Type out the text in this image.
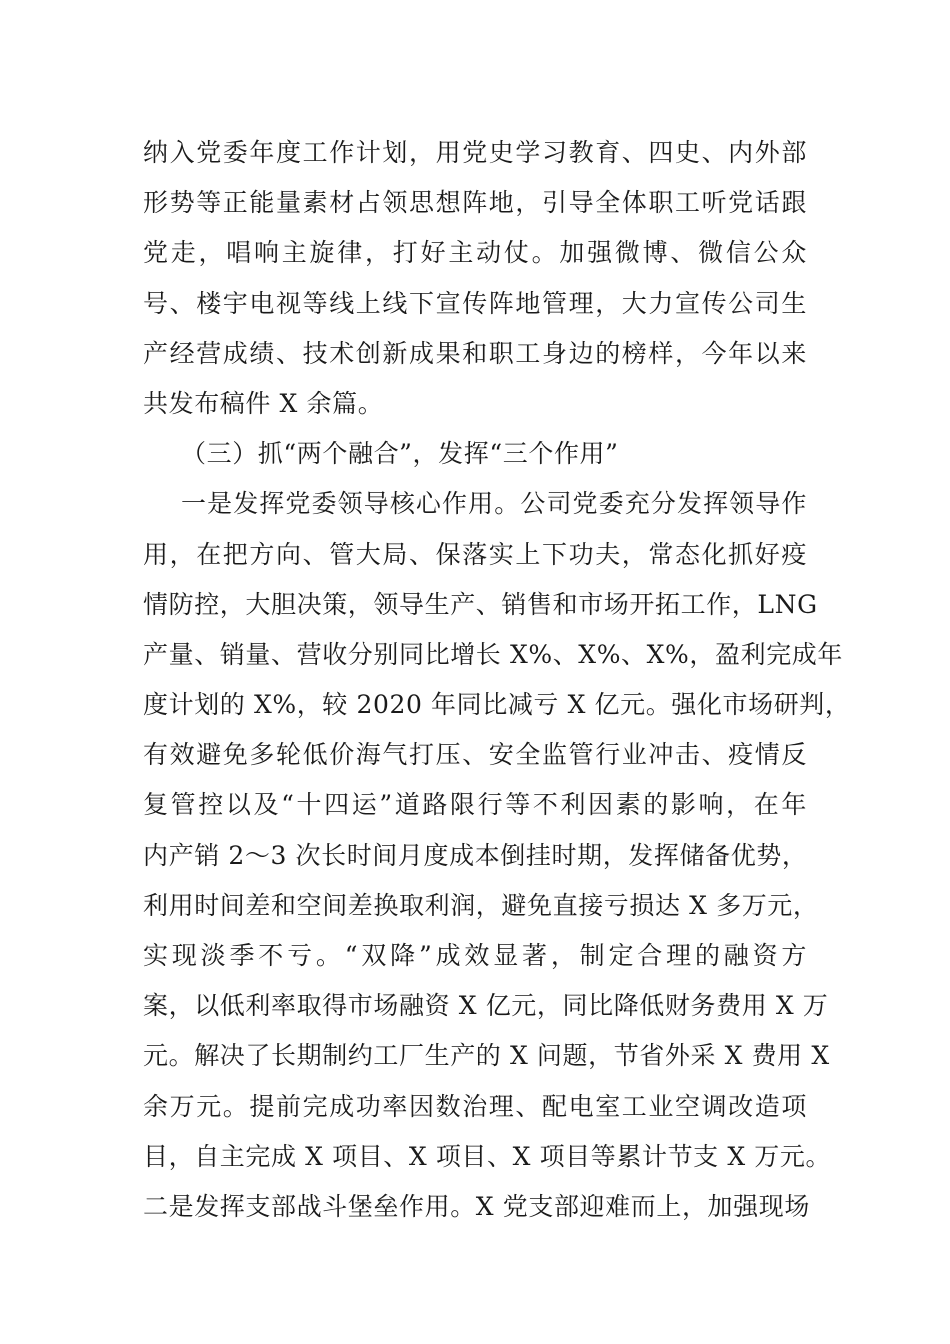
纳入党委年度工作计划，用党史学习教育、四史、内外部
形势等正能量素材占领思想阵地，引导全体职工听党话跟
党走，唱响主旋律，打好主动仗。加强微博、微信公众
号、楼宇电视等线上线下宣传阵地管理，大力宣传公司生
产经营成绩、技术创新成果和职工身边的榜样，今年以来
共发布稿件 X 余篇。
（三）抓“两个融合”，发挥“三个作用”
一是发挥党委领导核心作用。公司党委充分发挥领导作
用，在把方向、管大局、保落实上下功夫，常态化抓好疫
情防控，大胆决策，领导生产、销售和市场开拓工作，LNG
产量、销量、营收分别同比增长 X%、X%、X%，盈利完成年
度计划的 X%，较 2020 年同比减亏 X 亿元。强化市场研判，
有效避免多轮低价海气打压、安全监管行业冲击、疫情反
复管控以及“十四运”道路限行等不利因素的影响，在年
内产销 2～3 次长时间月度成本倒挂时期，发挥储备优势，
利用时间差和空间差换取利润，避免直接亏损达 X 多万元，
实现淡季不亏。“双降”成效显著，制定合理的融资方
案，以低利率取得市场融资 X 亿元，同比降低财务费用 X 万
元。解决了长期制约工厂生产的 X 问题，节省外采 X 费用 X
余万元。提前完成功率因数治理、配电室工业空调改造项
目，自主完成 X 项目、X 项目、X 项目等累计节支 X 万元。
二是发挥支部战斗堡垒作用。X 党支部迎难而上，加强现场
